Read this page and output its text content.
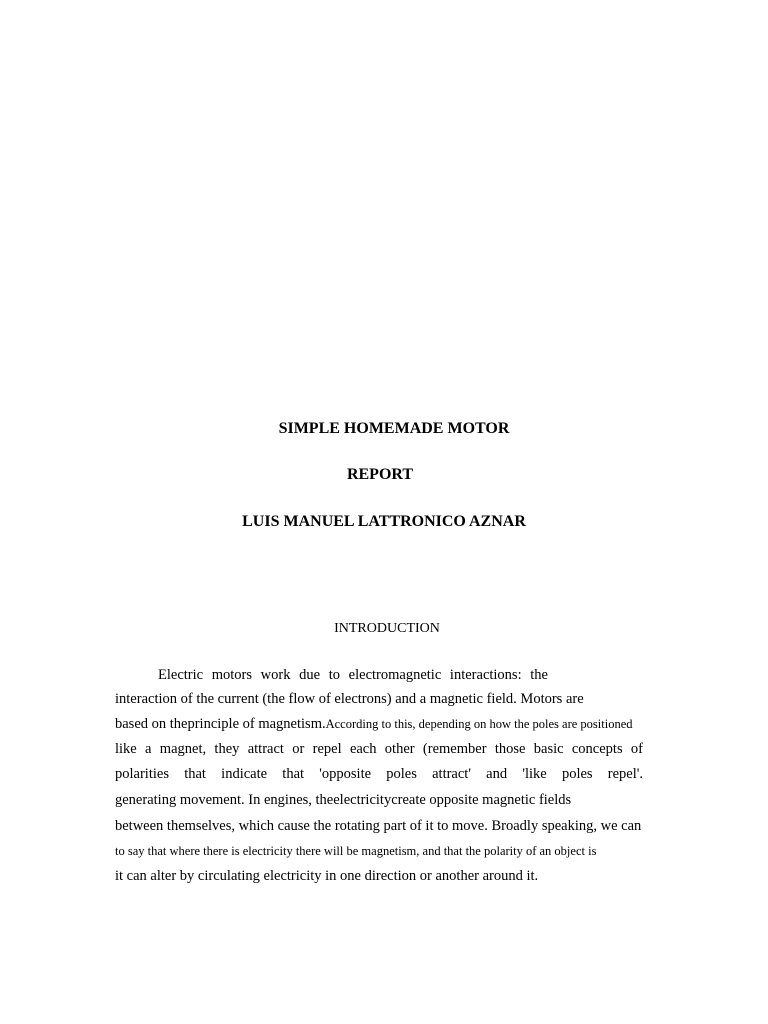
SIMPLE HOMEMADE MOTOR
REPORT
LUIS MANUEL LATTRONICO AZNAR
INTRODUCTION
Electric motors work due to electromagnetic interactions: the
interaction of the current (the flow of electrons) and a magnetic field. Motors are
based on theprinciple of magnetism.According to this, depending on how the poles are positioned
like a magnet, they attract or repel each other (remember those basic concepts of
polarities that indicate that 'opposite poles attract' and 'like poles repel'.
generating movement. In engines, theelectricitycreate opposite magnetic fields
between themselves, which cause the rotating part of it to move. Broadly speaking, we can
to say that where there is electricity there will be magnetism, and that the polarity of an object is
it can alter by circulating electricity in one direction or another around it.
